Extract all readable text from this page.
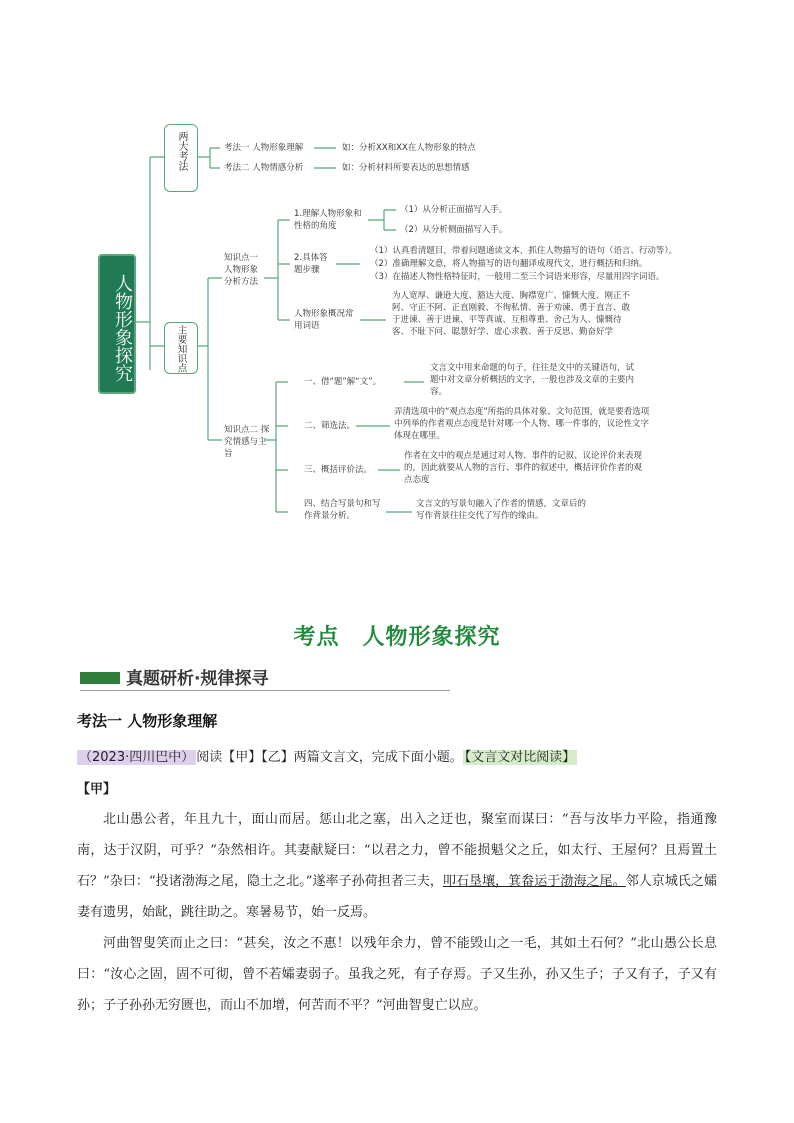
人物形象探究
两大考法	考法一 人物形象理解	如：分析XX和XX在人物形象的特点
考法二 人物情感分析	如：分析材料所要表达的思想情感
主要知识点
知识点一 人物形象分析方法
1.理解人物形象和性格的角度
（1）从分析正面描写入手。
（2）从分析侧面描写入手。
2.具体答题步骤
（1）认真看清题目，带着问题通读文本，抓住人物描写的语句（语言、行动等）。
（2）准确理解文意，将人物描写的语句翻译成现代文，进行概括和归纳。
（3）在描述人物性格特征时，一般用二至三个词语来形容，尽量用四字词语。
人物形象概况常用词语
为人宽厚、谦逊大度、豁达大度、胸襟宽广、慷慨大度、刚正不阿、守正不阿、正直刚毅、不徇私情、善于劝谏、勇于直言、敢于进谏、善于进谏、平等真诚、互相尊重、舍己为人、慷慨待客、不耻下问、聪慧好学、虚心求教、善于反思、勤奋好学
知识点二 探究情感与主旨
一、借“题”解“文”。
文言文中用来命题的句子，往往是文中的关键语句，试题中对文章分析概括的文字，一般也涉及文章的主要内容。
二、筛选法。
弄清选项中的“观点态度”所指的具体对象、文句范围，就是要看选项中列举的作者观点态度是针对哪一个人物、哪一件事的，议论性文字体现在哪里。
三、概括评价法。
作者在文中的观点是通过对人物、事件的记叙、议论评价来表现的，因此就要从人物的言行、事件的叙述中，概括评价作者的观点态度
四、结合写景句和写作背景分析。
文言文的写景句融入了作者的情感，文章后的写作背景往往交代了写作的缘由。
考点　人物形象探究
真题研析·规律探寻
考法一 人物形象理解
（2023·四川巴中） 阅读【甲】【乙】两篇文言文，完成下面小题。 【文言文对比阅读】
【甲】
北山愚公者，年且九十，面山而居。惩山北之塞，出入之迂也，聚室而谋曰：“吾与汝毕力平险，指通豫南，达于汉阴，可乎？”杂然相许。其妻献疑曰：“以君之力，曾不能损魁父之丘，如太行、王屋何？且焉置土石？”杂曰：“投诸渤海之尾，隐土之北。”遂率子孙荷担者三夫，叩石垦壤，箕畚运于渤海之尾。邻人京城氏之孀妻有遗男，始龀，跳往助之。寒暑易节，始一反焉。
河曲智叟笑而止之曰：“甚矣，汝之不惠！以残年余力，曾不能毁山之一毛，其如土石何？”北山愚公长息曰：“汝心之固，固不可彻，曾不若孀妻弱子。虽我之死，有子存焉。子又生孙，孙又生子；子又有子，子又有孙；子子孙孙无穷匮也，而山不加增，何苦而不平？”河曲智叟亡以应。
